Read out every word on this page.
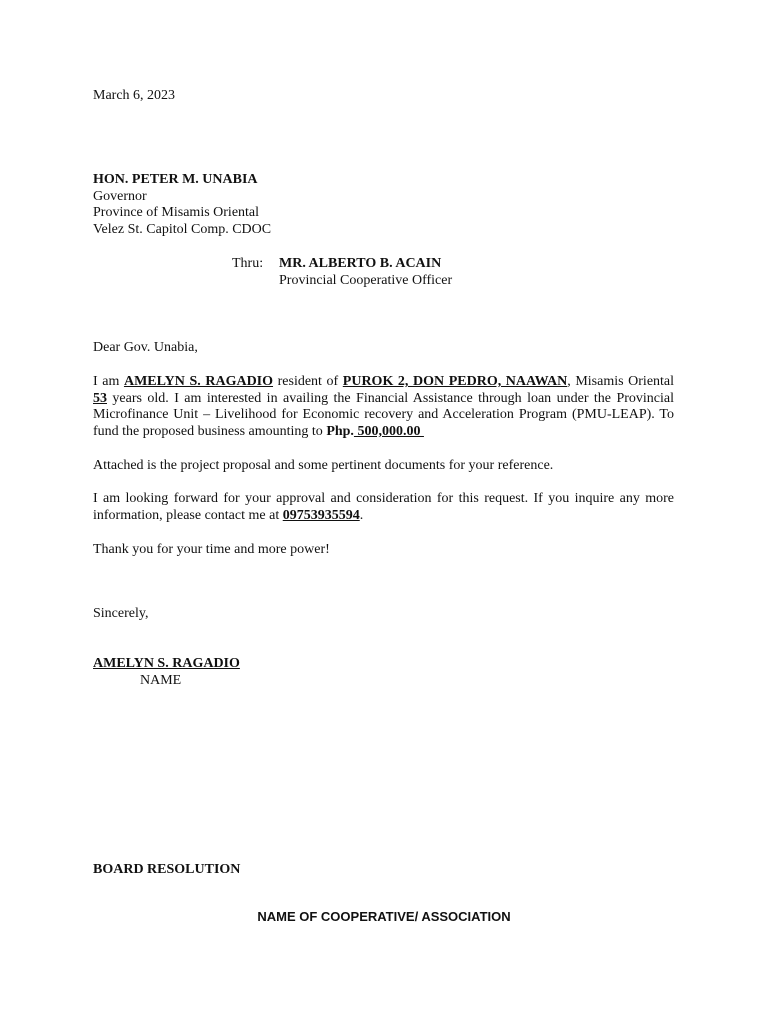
March 6, 2023
HON. PETER M. UNABIA
Governor
Province of Misamis Oriental
Velez St. Capitol Comp. CDOC
Thru: MR. ALBERTO B. ACAIN
Provincial Cooperative Officer
Dear Gov. Unabia,

I am AMELYN S. RAGADIO resident of PUROK 2, DON PEDRO, NAAWAN, Misamis Oriental 53 years old. I am interested in availing the Financial Assistance through loan under the Provincial Microfinance Unit – Livelihood for Economic recovery and Acceleration Program (PMU-LEAP). To fund the proposed business amounting to Php. 500,000.00

Attached is the project proposal and some pertinent documents for your reference.

I am looking forward for your approval and consideration for this request. If you inquire any more information, please contact me at 09753935594.

Thank you for your time and more power!

Sincerely,
AMELYN S. RAGADIO
NAME
BOARD RESOLUTION
NAME OF COOPERATIVE/ ASSOCIATION
